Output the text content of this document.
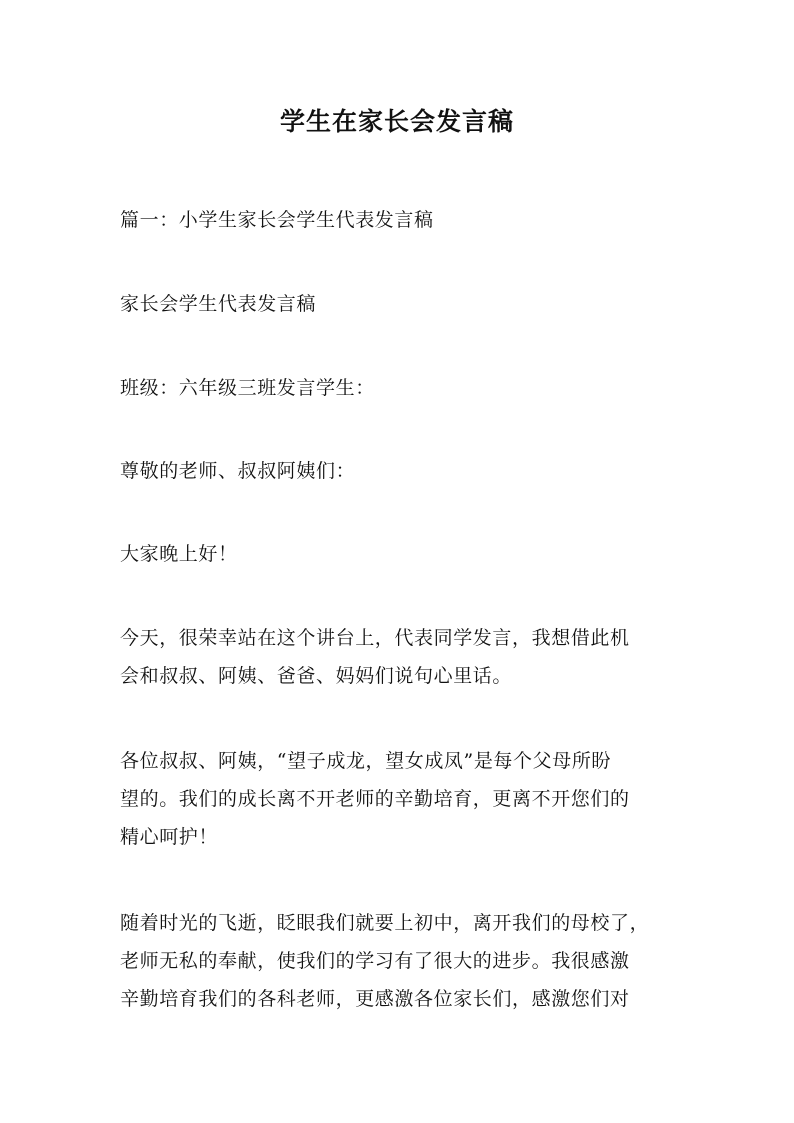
学生在家长会发言稿

篇一：小学生家长会学生代表发言稿

家长会学生代表发言稿

班级：六年级三班发言学生：

尊敬的老师、叔叔阿姨们：

大家晚上好！

今天，很荣幸站在这个讲台上，代表同学发言，我想借此机
会和叔叔、阿姨、爸爸、妈妈们说句心里话。

各位叔叔、阿姨，“望子成龙，望女成凤”是每个父母所盼
望的。我们的成长离不开老师的辛勤培育，更离不开您们的
精心呵护！

随着时光的飞逝，眨眼我们就要上初中，离开我们的母校了，
老师无私的奉献，使我们的学习有了很大的进步。我很感激
辛勤培育我们的各科老师，更感激各位家长们，感激您们对
